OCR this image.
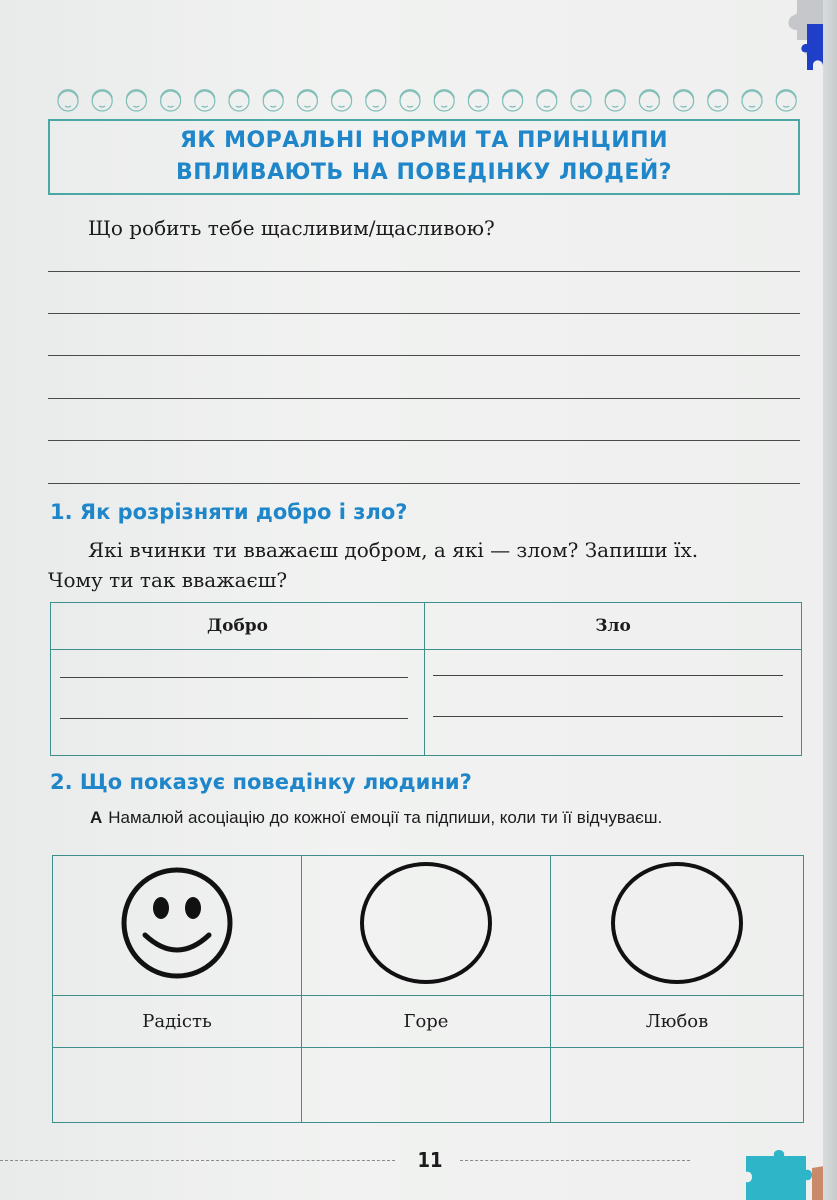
ЯК МОРАЛЬНІ НОРМИ ТА ПРИНЦИПИ
ВПЛИВАЮТЬ НА ПОВЕДІНКУ ЛЮДЕЙ?
Що робить тебе щасливим/щасливою?
1. Як розрізняти добро і зло?
Які вчинки ти вважаєш добром, а які — злом? Запиши їх.
Чому ти так вважаєш?
Добро	Зло

2. Що показує поведінку людини?
А Намалюй асоціацію до кожної емоції та підпиши, коли ти її відчуваєш.

Радість	Горе	Любов

11
